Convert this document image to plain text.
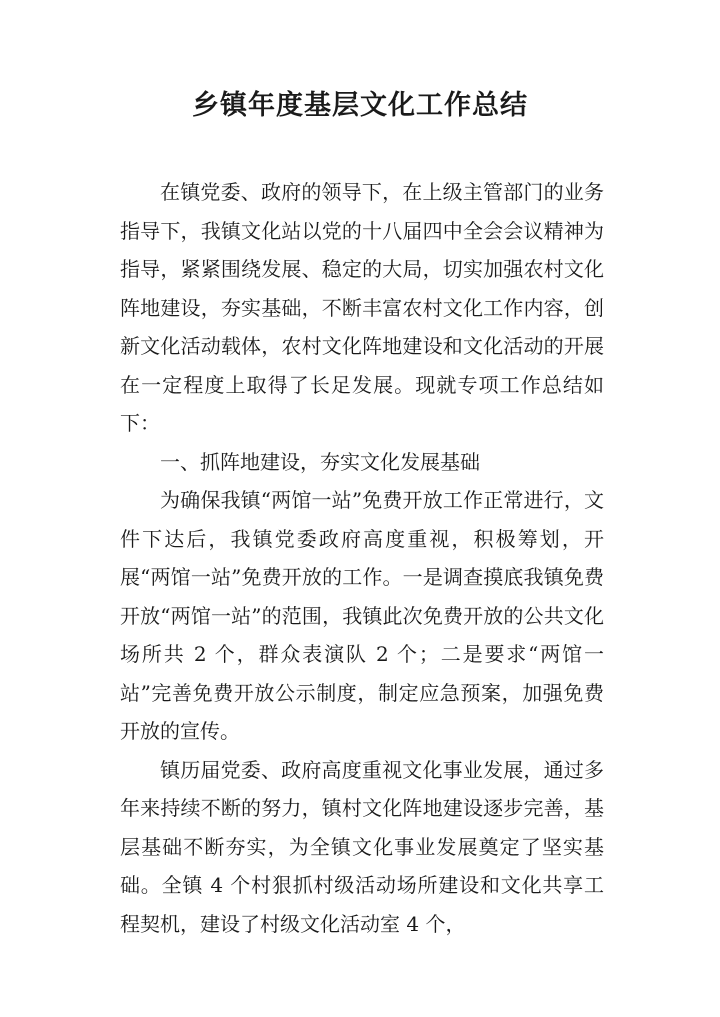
乡镇年度基层文化工作总结

在镇党委、政府的领导下，在上级主管部门的业务指导下，我镇文化站以党的十八届四中全会会议精神为指导，紧紧围绕发展、稳定的大局，切实加强农村文化阵地建设，夯实基础，不断丰富农村文化工作内容，创新文化活动载体，农村文化阵地建设和文化活动的开展在一定程度上取得了长足发展。现就专项工作总结如下：

一、抓阵地建设，夯实文化发展基础

为确保我镇“两馆一站”免费开放工作正常进行，文件下达后，我镇党委政府高度重视，积极筹划，开展“两馆一站”免费开放的工作。一是调查摸底我镇免费开放“两馆一站”的范围，我镇此次免费开放的公共文化场所共 2 个，群众表演队 2 个；二是要求“两馆一站”完善免费开放公示制度，制定应急预案，加强免费开放的宣传。

镇历届党委、政府高度重视文化事业发展，通过多年来持续不断的努力，镇村文化阵地建设逐步完善，基层基础不断夯实，为全镇文化事业发展奠定了坚实基础。全镇 4 个村狠抓村级活动场所建设和文化共享工程契机，建设了村级文化活动室 4 个，
